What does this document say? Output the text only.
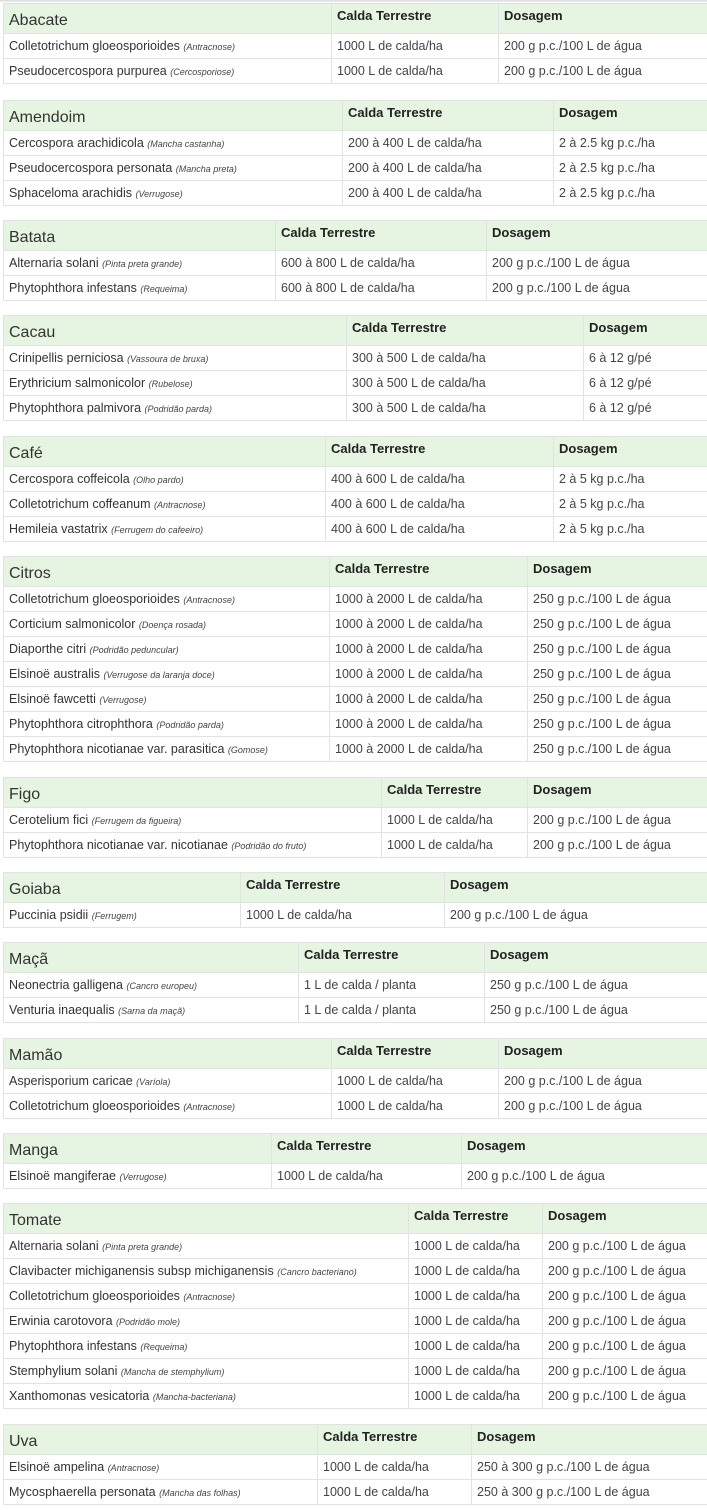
Abacate	Calda Terrestre	Dosagem
Colletotrichum gloeosporioides (Antracnose)	1000 L de calda/ha	200 g p.c./100 L de água
Pseudocercospora purpurea (Cercosporiose)	1000 L de calda/ha	200 g p.c./100 L de água
Amendoim	Calda Terrestre	Dosagem
Cercospora arachidicola (Mancha castanha)	200 à 400 L de calda/ha	2 à 2.5 kg p.c./ha
Pseudocercospora personata (Mancha preta)	200 à 400 L de calda/ha	2 à 2.5 kg p.c./ha
Sphaceloma arachidis (Verrugose)	200 à 400 L de calda/ha	2 à 2.5 kg p.c./ha
Batata	Calda Terrestre	Dosagem
Alternaria solani (Pinta preta grande)	600 à 800 L de calda/ha	200 g p.c./100 L de água
Phytophthora infestans (Requeima)	600 à 800 L de calda/ha	200 g p.c./100 L de água
Cacau	Calda Terrestre	Dosagem
Crinipellis perniciosa (Vassoura de bruxa)	300 à 500 L de calda/ha	6 à 12 g/pé
Erythricium salmonicolor (Rubelose)	300 à 500 L de calda/ha	6 à 12 g/pé
Phytophthora palmivora (Podridão parda)	300 à 500 L de calda/ha	6 à 12 g/pé
Café	Calda Terrestre	Dosagem
Cercospora coffeicola (Olho pardo)	400 à 600 L de calda/ha	2 à 5 kg p.c./ha
Colletotrichum coffeanum (Antracnose)	400 à 600 L de calda/ha	2 à 5 kg p.c./ha
Hemileia vastatrix (Ferrugem do cafeeiro)	400 à 600 L de calda/ha	2 à 5 kg p.c./ha
Citros	Calda Terrestre	Dosagem
Colletotrichum gloeosporioides (Antracnose)	1000 à 2000 L de calda/ha	250 g p.c./100 L de água
Corticium salmonicolor (Doença rosada)	1000 à 2000 L de calda/ha	250 g p.c./100 L de água
Diaporthe citri (Podridão peduncular)	1000 à 2000 L de calda/ha	250 g p.c./100 L de água
Elsinoë australis (Verrugose da laranja doce)	1000 à 2000 L de calda/ha	250 g p.c./100 L de água
Elsinoë fawcetti (Verrugose)	1000 à 2000 L de calda/ha	250 g p.c./100 L de água
Phytophthora citrophthora (Podridão parda)	1000 à 2000 L de calda/ha	250 g p.c./100 L de água
Phytophthora nicotianae var. parasitica (Gomose)	1000 à 2000 L de calda/ha	250 g p.c./100 L de água
Figo	Calda Terrestre	Dosagem
Cerotelium fici (Ferrugem da figueira)	1000 L de calda/ha	200 g p.c./100 L de água
Phytophthora nicotianae var. nicotianae (Podridão do fruto)	1000 L de calda/ha	200 g p.c./100 L de água
Goiaba	Calda Terrestre	Dosagem
Puccinia psidii (Ferrugem)	1000 L de calda/ha	200 g p.c./100 L de água
Maçã	Calda Terrestre	Dosagem
Neonectria galligena (Cancro europeu)	1 L de calda / planta	250 g p.c./100 L de água
Venturia inaequalis (Sarna da maçã)	1 L de calda / planta	250 g p.c./100 L de água
Mamão	Calda Terrestre	Dosagem
Asperisporium caricae (Varíola)	1000 L de calda/ha	200 g p.c./100 L de água
Colletotrichum gloeosporioides (Antracnose)	1000 L de calda/ha	200 g p.c./100 L de água
Manga	Calda Terrestre	Dosagem
Elsinoë mangiferae (Verrugose)	1000 L de calda/ha	200 g p.c./100 L de água
Tomate	Calda Terrestre	Dosagem
Alternaria solani (Pinta preta grande)	1000 L de calda/ha	200 g p.c./100 L de água
Clavibacter michiganensis subsp michiganensis (Cancro bacteriano)	1000 L de calda/ha	200 g p.c./100 L de água
Colletotrichum gloeosporioides (Antracnose)	1000 L de calda/ha	200 g p.c./100 L de água
Erwinia carotovora (Podridão mole)	1000 L de calda/ha	200 g p.c./100 L de água
Phytophthora infestans (Requeima)	1000 L de calda/ha	200 g p.c./100 L de água
Stemphylium solani (Mancha de stemphylium)	1000 L de calda/ha	200 g p.c./100 L de água
Xanthomonas vesicatoria (Mancha-bacteriana)	1000 L de calda/ha	200 g p.c./100 L de água
Uva	Calda Terrestre	Dosagem
Elsinoë ampelina (Antracnose)	1000 L de calda/ha	250 à 300 g p.c./100 L de água
Mycosphaerella personata (Mancha das folhas)	1000 L de calda/ha	250 à 300 g p.c./100 L de água
